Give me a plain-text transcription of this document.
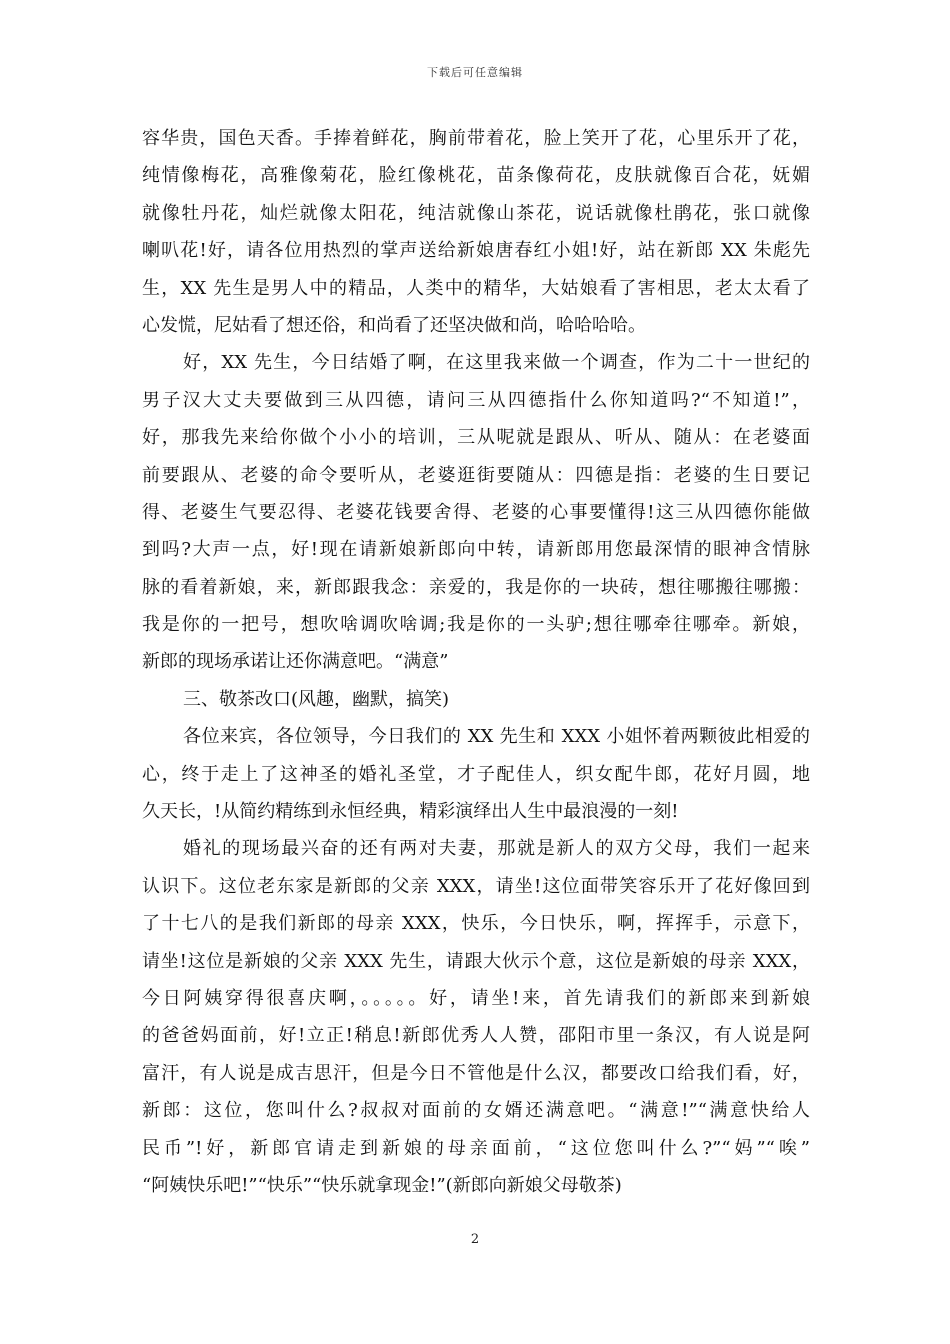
下载后可任意编辑
容华贵，国色天香。手捧着鲜花，胸前带着花，脸上笑开了花，心里乐开了花，
纯情像梅花，高雅像菊花，脸红像桃花，苗条像荷花，皮肤就像百合花，妩媚
就像牡丹花，灿烂就像太阳花，纯洁就像山茶花，说话就像杜鹃花，张口就像
喇叭花!好，请各位用热烈的掌声送给新娘唐春红小姐!好，站在新郎 XX 朱彪先
生，XX 先生是男人中的精品，人类中的精华，大姑娘看了害相思，老太太看了
心发慌，尼姑看了想还俗，和尚看了还坚决做和尚，哈哈哈哈。
好，XX 先生，今日结婚了啊，在这里我来做一个调查，作为二十一世纪的
男子汉大丈夫要做到三从四德，请问三从四德指什么你知道吗?“不知道!”，
好，那我先来给你做个小小的培训，三从呢就是跟从、听从、随从：在老婆面
前要跟从、老婆的命令要听从，老婆逛街要随从：四德是指：老婆的生日要记
得、老婆生气要忍得、老婆花钱要舍得、老婆的心事要懂得!这三从四德你能做
到吗?大声一点，好!现在请新娘新郎向中转，请新郎用您最深情的眼神含情脉
脉的看着新娘，来，新郎跟我念：亲爱的，我是你的一块砖，想往哪搬往哪搬：
我是你的一把号，想吹啥调吹啥调;我是你的一头驴;想往哪牵往哪牵。新娘，
新郎的现场承诺让还你满意吧。“满意”
三、敬茶改口(风趣，幽默，搞笑)
各位来宾，各位领导，今日我们的 XX 先生和 XXX 小姐怀着两颗彼此相爱的
心，终于走上了这神圣的婚礼圣堂，才子配佳人，织女配牛郎，花好月圆，地
久天长，!从简约精练到永恒经典，精彩演绎出人生中最浪漫的一刻!
婚礼的现场最兴奋的还有两对夫妻，那就是新人的双方父母，我们一起来
认识下。这位老东家是新郎的父亲 XXX，请坐!这位面带笑容乐开了花好像回到
了十七八的是我们新郎的母亲 XXX，快乐，今日快乐，啊，挥挥手，示意下，
请坐!这位是新娘的父亲 XXX 先生，请跟大伙示个意，这位是新娘的母亲 XXX，
今日阿姨穿得很喜庆啊，。。。。。好，请坐!来，首先请我们的新郎来到新娘
的爸爸妈面前，好!立正!稍息!新郎优秀人人赞，邵阳市里一条汉，有人说是阿
富汗，有人说是成吉思汗，但是今日不管他是什么汉，都要改口给我们看，好，
新郎：这位，您叫什么?叔叔对面前的女婿还满意吧。“满意!”“满意快给人
民币”!好，新郎官请走到新娘的母亲面前，“这位您叫什么?”“妈”“唉”
“阿姨快乐吧!”“快乐”“快乐就拿现金!”(新郎向新娘父母敬茶)
2
